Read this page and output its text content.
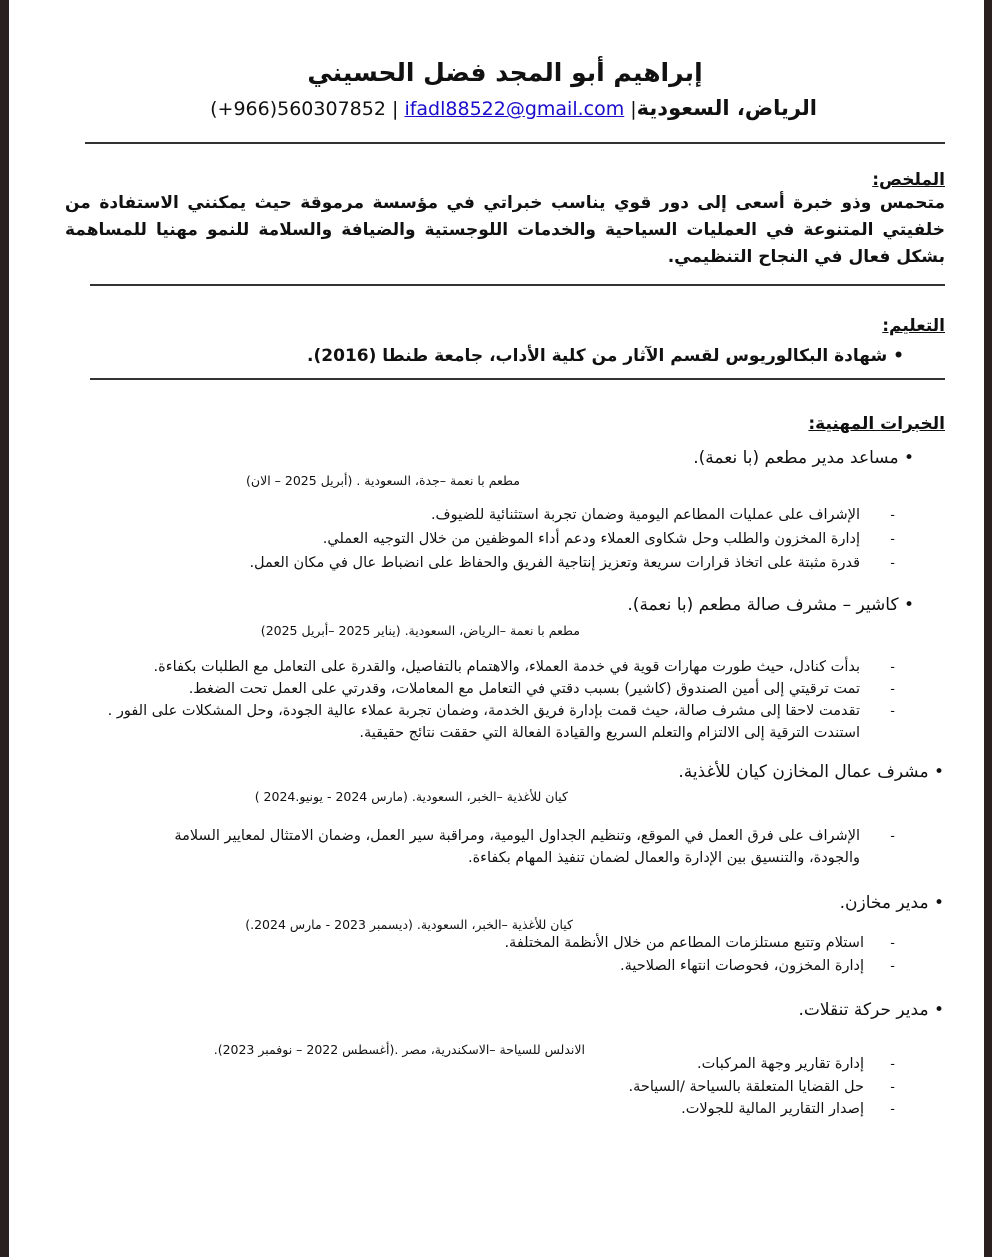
إبراهيم أبو المجد فضل الحسيني
الرياض، السعودية| (+966)560307852 | ifadl88522@gmail.com
الملخص:
متحمس وذو خبرة أسعى إلى دور قوي يناسب خبراتي في مؤسسة مرموقة حيث يمكنني الاستفادة من خلفيتي المتنوعة في العمليات السياحية والخدمات اللوجستية والضيافة والسلامة للنمو مهنيا للمساهمة بشكل فعال في النجاح التنظيمي.
التعليم:
• شهادة البكالوريوس لقسم الآثار من كلية الأداب، جامعة طنطا (2016).
الخبرات المهنية:
• مساعد مدير مطعم (با نعمة).
مطعم با نعمة –جدة، السعودية . (أبريل 2025 – الان)
-
الإشراف على عمليات المطاعم اليومية وضمان تجربة استثنائية للضيوف.
-
إدارة المخزون والطلب وحل شكاوى العملاء ودعم أداء الموظفين من خلال التوجيه العملي.
-
قدرة مثبتة على اتخاذ قرارات سريعة وتعزيز إنتاجية الفريق والحفاظ على انضباط عال في مكان العمل.
• كاشير – مشرف صالة مطعم (با نعمة).
مطعم با نعمة –الرياض، السعودية. (يناير 2025 –أبريل 2025)
-
بدأت كنادل، حيث طورت مهارات قوية في خدمة العملاء، والاهتمام بالتفاصيل، والقدرة على التعامل مع الطلبات بكفاءة.
-
تمت ترقيتي إلى أمين الصندوق (كاشير) بسبب دقتي في التعامل مع المعاملات، وقدرتي على العمل تحت الضغط.
-
تقدمت لاحقا إلى مشرف صالة، حيث قمت بإدارة فريق الخدمة، وضمان تجربة عملاء عالية الجودة، وحل المشكلات على الفور .
استندت الترقية إلى الالتزام والتعلم السريع والقيادة الفعالة التي حققت نتائج حقيقية.
• مشرف عمال المخازن كيان للأغذية.
كيان للأغذية –الخبر، السعودية. (مارس 2024 - يونيو.2024 )
-
الإشراف على فرق العمل في الموقع، وتنظيم الجداول اليومية، ومراقبة سير العمل، وضمان الامتثال لمعايير السلامة
والجودة، والتنسيق بين الإدارة والعمال لضمان تنفيذ المهام بكفاءة.
• مدير مخازن.
كيان للأغذية –الخبر، السعودية. (ديسمبر 2023 - مارس 2024.)
-
استلام وتتبع مستلزمات المطاعم من خلال الأنظمة المختلفة.
-
إدارة المخزون، فحوصات انتهاء الصلاحية.
• مدير حركة تنقلات.
الاندلس للسياحة –الاسكندرية، مصر .(أغسطس 2022 – نوفمبر 2023).
-
إدارة تقارير وجهة المركبات.
-
حل القضايا المتعلقة بالسياحة /السياحة.
-
إصدار التقارير المالية للجولات.
